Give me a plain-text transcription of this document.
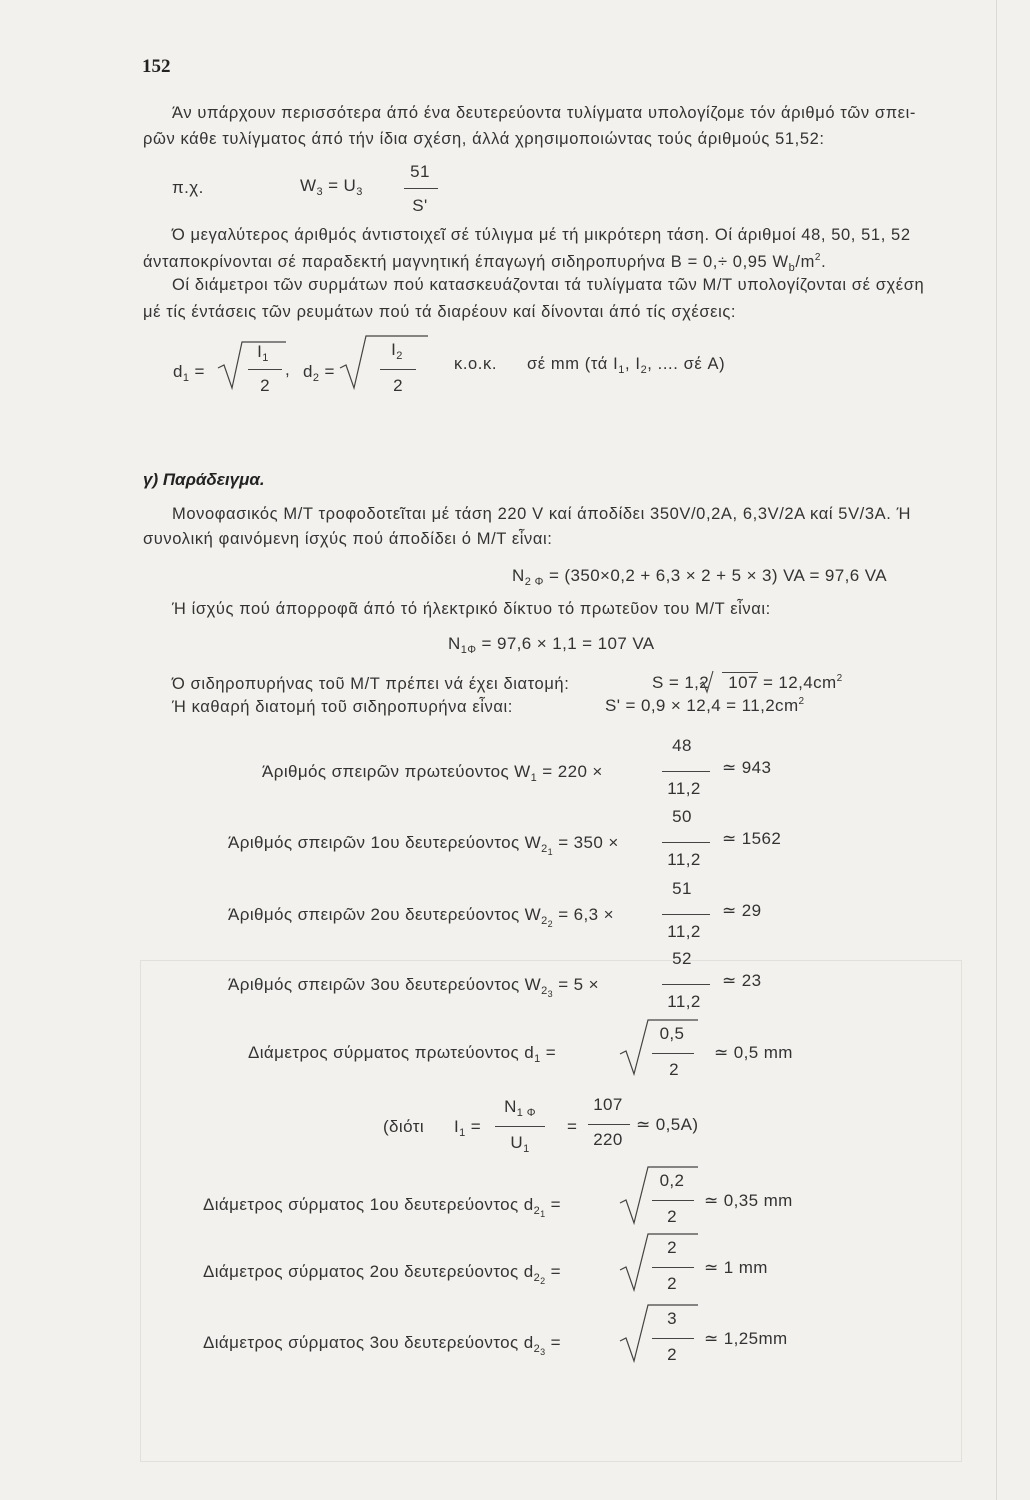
152
Άν υπάρχουν περισσότερα άπό ένα δευτερεύοντα τυλίγματα υπολογίζομε τόν άριθμό τῶν σπει-
ρῶν κάθε τυλίγματος άπό τήν ίδια σχέση, άλλά χρησιμοποιώντας τούς άριθμούς 51,52:
π.χ.	$W_3 = U_3$
51
S'
Ό μεγαλύτερος άριθμός άντιστοιχεῖ σέ τύλιγμα μέ τή μικρότερη τάση. Οί άριθμοί 48, 50, 51, 52
άνταποκρίνονται σέ παραδεκτή μαγνητική έπαγωγή σιδηροπυρήνα B = 0,÷ 0,95 $W_b/m^2$.
Οί διάμετροι τῶν συρμάτων πού κατασκευάζονται τά τυλίγματα τῶν Μ/Τ υπολογίζονται σέ σχέση
μέ τίς έντάσεις τῶν ρευμάτων πού τά διαρέουν καί δίνονται άπό τίς σχέσεις:
$d_1$ =
$I_1$
2
, $d_2$ =
$I_2$
2
κ.ο.κ. σέ mm (τά $I_1$, $I_2$, .... σέ A)
γ) Παράδειγμα.
Μονοφασικός Μ/Τ τροφοδοτεῖται μέ τάση 220 V καί άποδίδει 350V/0,2A, 6,3V/2A καί 5V/3A. Ή
συνολική φαινόμενη ίσχύς πού άποδίδει ό Μ/Τ εἶναι:
$N_{2 \Phi} = (350\times 0,2 + 6,3 \times 2 + 5 \times 3)$ VA = 97,6 VA
Ή ίσχύς πού άπορροφᾶ άπό τό ήλεκτρικό δίκτυο τό πρωτεῦον του Μ/Τ εἶναι:
$N_{1\Phi} = 97,6 \times 1,1 = 107$ VA
Ό σιδηροπυρήνας τοῦ Μ/Τ πρέπει νά έχει διατομή:	S = 1,2 $107 = 12,4cm^2$
Ή καθαρή διατομή τοῦ σιδηροπυρήνα εἶναι:	$S' = 0,9 \times 12,4 = 11,2cm^2$
Άριθμός σπειρῶν πρωτεύοντος $W_1 = 220$ ×
48
11,2
≃ 943
Άριθμός σπειρῶν 1ου δευτερεύοντος $W_{21} = 350$ ×
50
11,2
≃ 1562
Άριθμός σπειρῶν 2ου δευτερεύοντος $W_{22} = 6,3$ ×
51
11,2
≃ 29
Άριθμός σπειρῶν 3ου δευτερεύοντος $W_{23} = 5$ ×
52
11,2
≃ 23
Διάμετρος σύρματος πρωτεύοντος $d_1$ =
0,5
2
≃ 0,5 mm
(διότι $I_1$ =
$N_{1 \Phi}$
$U_1$
=
107
220
≃ 0,5A)
Διάμετρος σύρματος 1ου δευτερεύοντος $d_{21}$ =
0,2
2
≃ 0,35 mm
Διάμετρος σύρματος 2ου δευτερεύοντος $d_{22}$ =
2
2
≃ 1 mm
Διάμετρος σύρματος 3ου δευτερεύοντος $d_{23}$ =
3
2
≃ 1,25mm
